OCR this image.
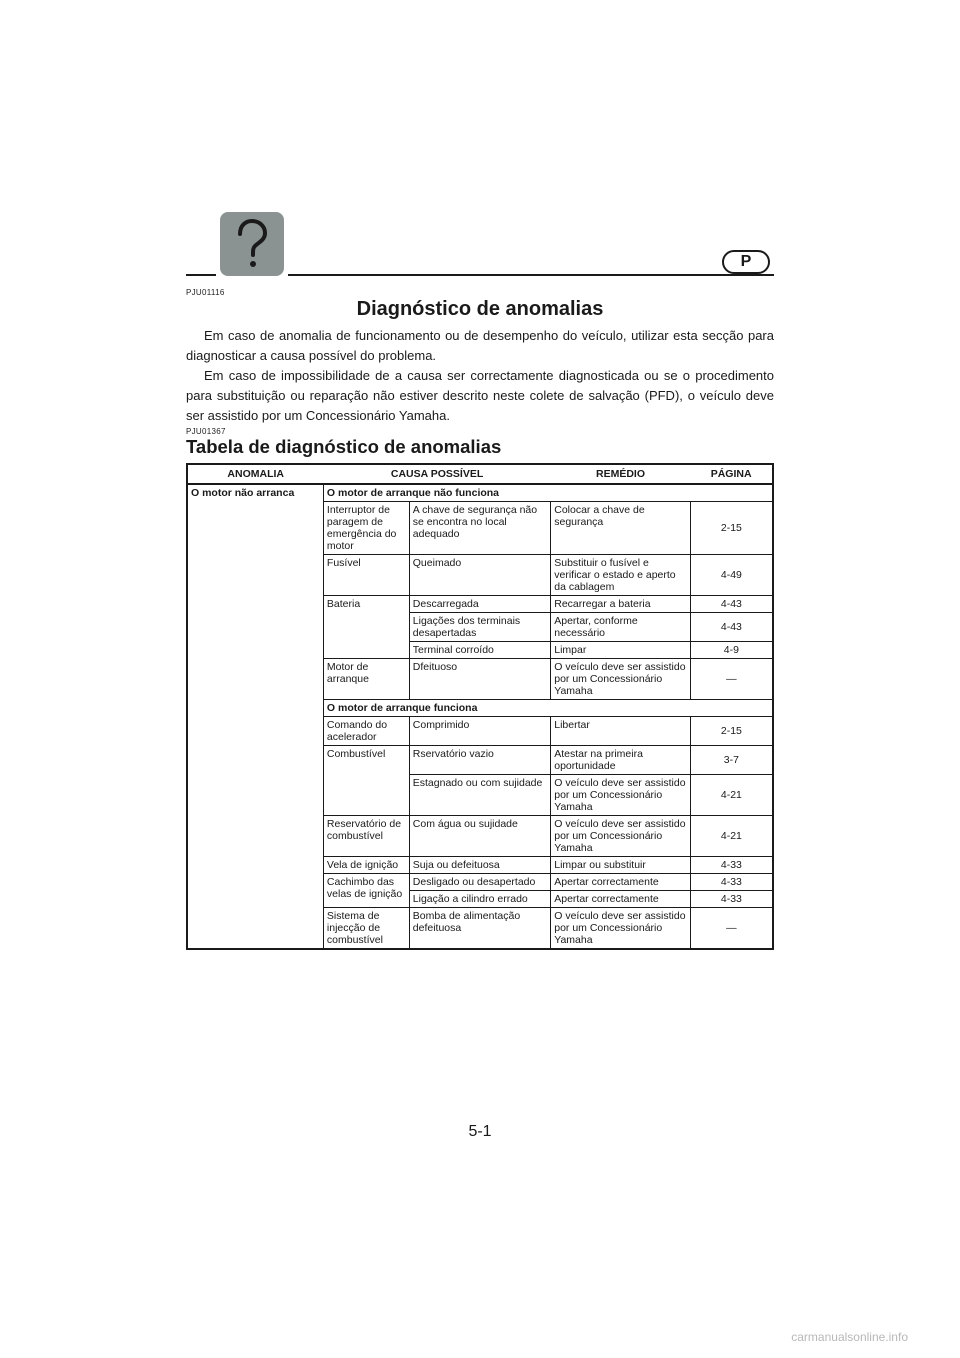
P
PJU01116
Diagnóstico de anomalias

Em caso de anomalia de funcionamento ou de desempenho do veículo, utilizar esta secção para diagnosticar a causa possível do problema.

Em caso de impossibilidade de a causa ser correctamente diagnosticada ou se o procedimento para substituição ou reparação não estiver descrito neste colete de salvação (PFD), o veículo deve ser assistido por um Concessionário Yamaha.

PJU01367
Tabela de diagnóstico de anomalias
ANOMALIA	CAUSA POSSÍVEL		REMÉDIO	PÁGINA
O motor não arranca	O motor de arranque não funciona			
	Interruptor de paragem de emergência do motor	A chave de segurança não se encontra no local adequado	Colocar a chave de segurança	2-15
	Fusível	Queimado	Substituir o fusível e verificar o estado e aperto da cablagem	4-49
	Bateria	Descarregada	Recarregar a bateria	4-43
		Ligações dos terminais desapertadas	Apertar, conforme necessário	4-43
		Terminal corroído	Limpar	4-9
	Motor de arranque	Dfeituoso	O veículo deve ser assistido por um Concessionário Yamaha	—
	O motor de arranque funciona			
	Comando do acelerador	Comprimido	Libertar	2-15
	Combustível	Rservatório vazio	Atestar na primeira oportunidade	3-7
		Estagnado ou com sujidade	O veículo deve ser assistido por um Concessionário Yamaha	4-21
	Reservatório de combustível	Com água ou sujidade	O veículo deve ser assistido por um Concessionário Yamaha	4-21
	Vela de ignição	Suja ou defeituosa	Limpar ou substituir	4-33
	Cachimbo das velas de ignição	Desligado ou desapertado	Apertar correctamente	4-33
		Ligação a cilindro errado	Apertar correctamente	4-33
	Sistema de injecção de combustível	Bomba de alimentação defeituosa	O veículo deve ser assistido por um Concessionário Yamaha	—
5-1
carmanualsonline.info
